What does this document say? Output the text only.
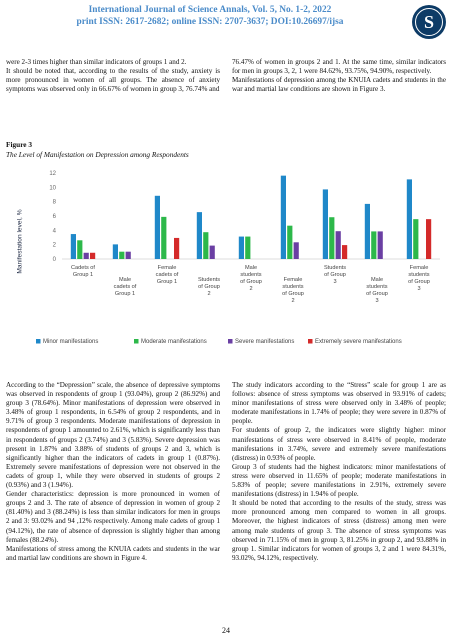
International Journal of Science Annals, Vol. 5, No. 1-2, 2022
print ISSN: 2617-2682; online ISSN: 2707-3637; DOI:10.26697/ijsa	S

were 2-3 times higher than similar indicators of groups 1 and 2.

It should be noted that, according to the results of the study, anxiety is more pronounced in women of all groups. The absence of anxiety symptoms was observed only in 66.67% of women in group 3, 76.74% and

76.47% of women in groups 2 and 1. At the same time, similar indicators for men in groups 3, 2, 1 were 84.62%, 93.75%, 94.90%, respectively.

Manifestations of depression among the KNUIA cadets and students in the war and martial law conditions are shown in Figure 3.

Figure 3
The Level of Manifestation on Depression among Respondents
Manifestation level, %	0
2
4
6
8
10
12
Cadets of Group 1
Male cadets of Group 1
Female cadets of Group 1	Students of Group 2
Male students of Group 2
Female students of Group 2
Students of Group 3	Male students of Group 3
Female students of Group 3
Minor manifestations	Moderate manifestations	Severe manifestations	Extremely severe manifestations

According to the “Depression” scale, the absence of depressive symptoms was observed in respondents of group 1 (93.04%), group 2 (86.92%) and group 3 (78.64%). Minor manifestations of depression were observed in 3.48% of group 1 respondents, in 6.54% of group 2 respondents, and in 9.71% of group 3 respondents. Moderate manifestations of depression in respondents of group 1 amounted to 2.61%, which is significantly less than in respondents of groups 2 (3.74%) and 3 (5.83%). Severe depression was present in 1.87% and 3.88% of students of groups 2 and 3, which is significantly higher than the indicators of cadets in group 1 (0.87%). Extremely severe manifestations of depression were not observed in the cadets of group 1, while they were observed in students of groups 2 (0.93%) and 3 (1.94%).

Gender characteristics: depression is more pronounced in women of groups 2 and 3. The rate of absence of depression in women of group 2 (81.40%) and 3 (88.24%) is less than similar indicators for men in groups 2 and 3: 93.02% and 94 ,12% respectively. Among male cadets of group 1 (94.12%), the rate of absence of depression is slightly higher than among females (88.24%).

Manifestations of stress among the KNUIA cadets and students in the war and martial law conditions are shown in Figure 4.

The study indicators according to the “Stress” scale for group 1 are as follows: absence of stress symptoms was observed in 93.91% of cadets; minor manifestations of stress were observed only in 3.48% of people; moderate manifestations in 1.74% of people; they were severe in 0.87% of people.

For students of group 2, the indicators were slightly higher: minor manifestations of stress were observed in 8.41% of people, moderate manifestations in 3.74%, severe and extremely severe manifestations (distress) in 0.93% of people.

Group 3 of students had the highest indicators: minor manifestations of stress were observed in 11.65% of people; moderate manifestations in 5.83% of people; severe manifestations in 2.91%, extremely severe manifestations (distress) in 1.94% of people.

It should be noted that according to the results of the study, stress was more pronounced among men compared to women in all groups. Moreover, the highest indicators of stress (distress) among men were among male students of group 3. The absence of stress symptoms was observed in 71.15% of men in group 3, 81.25% in group 2, and 93.88% in group 1. Similar indicators for women of groups 3, 2 and 1 were 84.31%, 93.02%, 94.12%, respectively.

24
